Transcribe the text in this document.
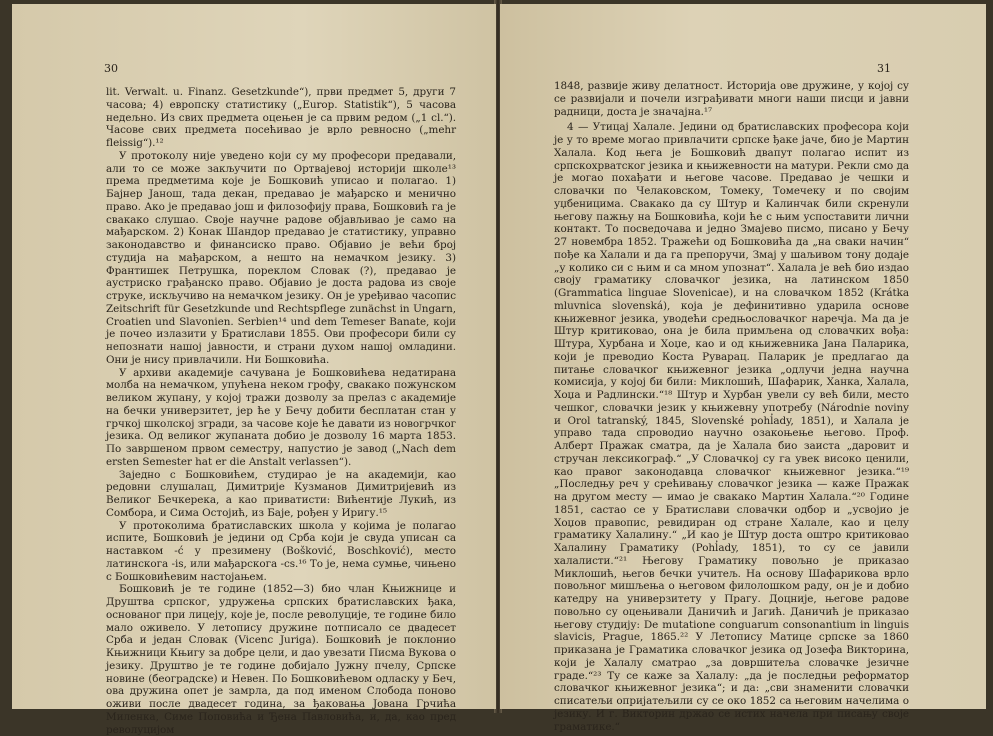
30

lit. Verwalt. u. Finanz. Gesetzkunde“), први предмет 5, други 7 часова; 4) европску статистику („Europ. Statistik“), 5 часова недељно. Из свих предмета оцењен је са првим редом („1 cl.“). Часове свих предмета посећивао је врло ревносно („mehr fleissig“).¹²

У протоколу није уведено који су му професори предавали, али то се може закључити по Ортвајевој историји школе¹³ према предметима које је Бошковић уписао и полагао. 1) Бајнер Јанош, тада декан, предавао је мађарско и менично право. Ако је предавао још и филозофију права, Бошковић га је свакако слушао. Своје научне радове објављивао је само на мађарском. 2) Конак Шандор предавао је статистику, управно законодавство и финансиско право. Објавио је већи број студија на мађарском, а нешто на немачком језику. 3) Франтишек Петрушка, пореклом Словак (?), предавао је аустриско грађанско право. Објавио је доста радова из своје струке, искључиво на немачком језику. Он је уређивао часопис Zeitschrift für Gesetzkunde und Rechtspflege zunächst in Ungarn, Croatien und Slavonien. Serbien¹⁴ und dem Temeser Banate, који је почео излазити у Братислави 1855. Ови професори били су непознати нашој јавности, и страни духом нашој омладини. Они је нису привлачили. Ни Бошковића.

У архиви академије сачувана је Бошковићева недатирана молба на немачком, упућена неком грофу, свакако пожунском великом жупану, у којој тражи дозволу за прелаз с академије на бечки универзитет, јер ће у Бечу добити бесплатан стан у грчкој школској згради, за часове које ће давати из новогрчког језика. Од великог жупаната добио је дозволу 16 марта 1853. По завршеном првом семестру, напустио је завод („Nach dem ersten Semester hat er die Anstalt verlassen“).

Заједно с Бошковићем, студирао је на академији, као редовни слушалац, Димитрије Кузманов Димитријевић из Великог Бечкерека, а као приватисти: Вићентије Лукић, из Сомбора, и Сима Остојић, из Баје, рођен у Иригу.¹⁵

У протоколима братиславских школа у којима је полагао испите, Бошковић је једини од Срба који је свуда уписан са наставком -ć у презимену (Bošković, Boschković), место латинскога -is, или мађарскога -cs.¹⁶ То је, нема сумње, чињено с Бошковићевим настојањем.

Бошковић је те године (1852—3) био члан Књижнице и Друштва српског, удружења српских братиславских ђака, основаног при лицеју, које је, после револуције, те године било мало оживело. У летопису дружине потписало се двадесет Срба и један Словак (Vicenc Juriga). Бошковић је поклонио Књижници Књигу за добре цели, и дао увезати Писма Вукова о језику. Друштво је те године добијало Јужну пчелу, Српске новине (београдске) и Невен. По Бошковићевом одласку у Беч, ова дружина опет је замрла, да под именом Слобода поново оживи после двадесет година, за ђаковања Јована Грчића Миленка, Симе Поповића и Ђена Павловића, и, да, као пред револуцијом

31

1848, развије живу делатност. Историја ове дружине, у којој су се развијали и почели изграђивати многи наши писци и јавни радници, доста је значајна.¹⁷

4 — Утицај Халале. Једини од братиславских професора који је у то време могао привлачити српске ђаке јаче, био је Мартин Халала. Код њега је Бошковић двапут полагао испит из српскохрватског језика и књижевности на матури. Рекли смо да је могао похађати и његове часове. Предавао је чешки и словачки по Челаковском, Томеку, Томечеку и по својим уџбеницима. Свакако да су Штур и Калинчак били скренули његову пажњу на Бошковића, који ће с њим успоставити лични контакт. То посведочава и једно Змајево писмо, писано у Бечу 27 новембра 1852. Тражећи од Бошковића да „на сваки начин“ пође ка Халали и да га препоручи, Змај у шаљивом тону додаје „у колико си с њим и са мном упознат“. Халала је већ био издао своју граматику словачког језика, на латинском 1850 (Grammatica linguae Slovenicae), и на словачком 1852 (Krátka mluvnica slovenská), која је дефинитивно ударила основе књижевног језика, уводећи средњословачког наречја. Ма да је Штур критиковао, она је била примљена од словачких вођа: Штура, Хурбана и Хоџе, као и од књижевника Јана Паларика, који је преводио Коста Руварац. Паларик је предлагао да питање словачког књижевног језика „одлучи једна научна комисија, у којој би били: Миклошић, Шафарик, Ханка, Халала, Хоџа и Радлински.“¹⁸ Штур и Хурбан увели су већ били, место чешког, словачки језик у књижевну употребу (Národnie noviny и Orol tatranský, 1845, Slovenské pohl̓ady, 1851), и Халала је управо тада спроводио научно озакоњење његово. Проф. Алберт Пражак сматра, да је Халала био заиста „даровит и стручан лексикограф.“ „У Словачкој су га увек високо ценили, као правог законодавца словачког књижевног језика.“¹⁹ „Последњу реч у срећивању словачког језика — каже Пражак на другом месту — имао је свакако Мартин Халала.“²⁰ Године 1851, састао се у Братислави словачки одбор и „усвојио је Хоџов правопис, ревидиран од стране Халале, као и целу граматику Халалину.“ „И као је Штур доста оштро критиковао Халалину Граматику (Pohl̓ady, 1851), то су се јавили халалисти.“²¹ Његову Граматику повољно је приказао Миклошић, његов бечки учитељ. На основу Шафарикова врло повољног мишљења о његовом филолошком раду, он је и добио катедру на универзитету у Прагу. Доцније, његове радове повољно су оцењивали Даничић и Јагић. Даничић је приказао његову студију: De mutatione conguarum consonantium in linguis slavicis, Prague, 1865.²² У Летопису Матице српске за 1860 приказана је Граматика словачког језика од Јозефа Викторина, који је Халалу сматрао „за довршитеља словачке језичне граде.“²³ Ту се каже за Халалу: „да је последњи реформатор словачког књижевног језика“; и да: „сви знаменити словачки списатељи опријатељили су се око 1852 са његовим начелима о језику. И г. Викторин држао се истих начела при писању своје граматике.“
